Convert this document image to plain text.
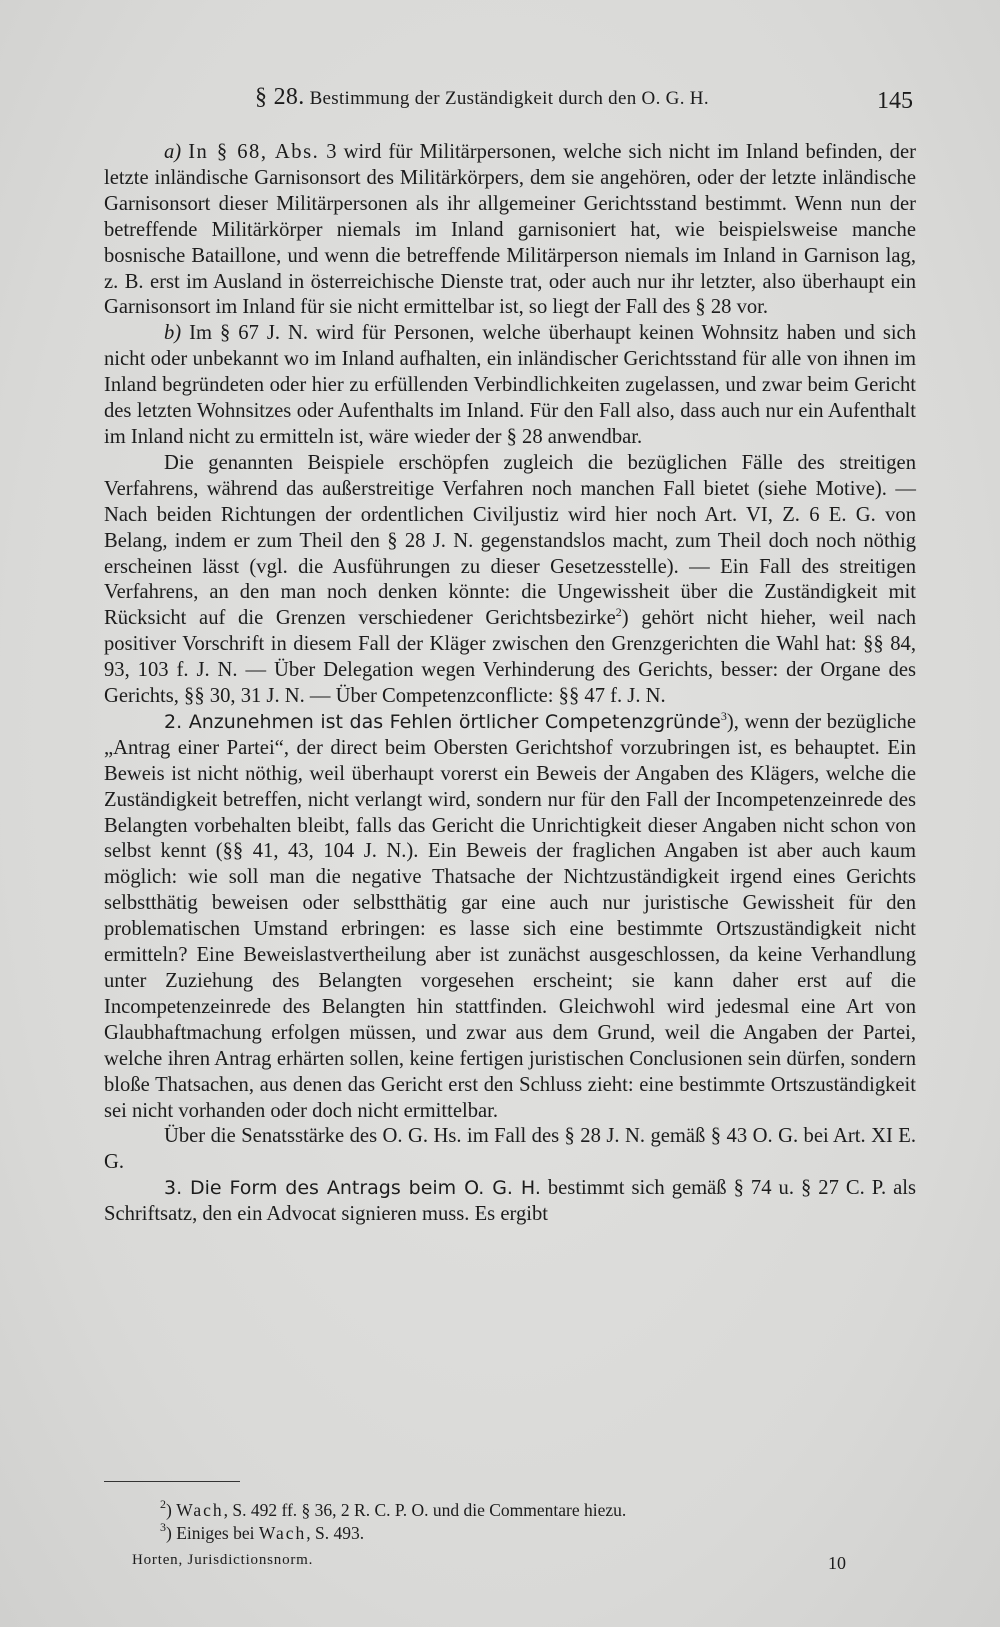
§ 28. Bestimmung der Zuständigkeit durch den O. G. H.	145

a) In § 68, Abs. 3 wird für Militärpersonen, welche sich nicht im Inland befinden, der letzte inländische Garnisonsort des Militärkörpers, dem sie angehören, oder der letzte inländische Garnisonsort dieser Militärpersonen als ihr allgemeiner Gerichtsstand bestimmt. Wenn nun der betreffende Militärkörper niemals im Inland garnisoniert hat, wie beispielsweise manche bosnische Bataillone, und wenn die betreffende Militärperson niemals im Inland in Garnison lag, z. B. erst im Ausland in österreichische Dienste trat, oder auch nur ihr letzter, also überhaupt ein Garnisonsort im Inland für sie nicht ermittelbar ist, so liegt der Fall des § 28 vor.

b) Im § 67 J. N. wird für Personen, welche überhaupt keinen Wohnsitz haben und sich nicht oder unbekannt wo im Inland aufhalten, ein inländischer Gerichtsstand für alle von ihnen im Inland begründeten oder hier zu erfüllenden Verbindlichkeiten zugelassen, und zwar beim Gericht des letzten Wohnsitzes oder Aufenthalts im Inland. Für den Fall also, dass auch nur ein Aufenthalt im Inland nicht zu ermitteln ist, wäre wieder der § 28 anwendbar.

Die genannten Beispiele erschöpfen zugleich die bezüglichen Fälle des streitigen Verfahrens, während das außerstreitige Verfahren noch manchen Fall bietet (siehe Motive). — Nach beiden Richtungen der ordentlichen Civiljustiz wird hier noch Art. VI, Z. 6 E. G. von Belang, indem er zum Theil den § 28 J. N. gegenstandslos macht, zum Theil doch noch nöthig erscheinen lässt (vgl. die Ausführungen zu dieser Gesetzesstelle). — Ein Fall des streitigen Verfahrens, an den man noch denken könnte: die Ungewissheit über die Zuständigkeit mit Rücksicht auf die Grenzen verschiedener Gerichtsbezirke$^2$) gehört nicht hieher, weil nach positiver Vorschrift in diesem Fall der Kläger zwischen den Grenzgerichten die Wahl hat: §§ 84, 93, 103 f. J. N. — Über Delegation wegen Verhinderung des Gerichts, besser: der Organe des Gerichts, §§ 30, 31 J. N. — Über Competenzconflicte: §§ 47 f. J. N.

2. Anzunehmen ist das Fehlen örtlicher Competenzgründe$^3$), wenn der bezügliche „Antrag einer Partei“, der direct beim Obersten Gerichtshof vorzubringen ist, es behauptet. Ein Beweis ist nicht nöthig, weil überhaupt vorerst ein Beweis der Angaben des Klägers, welche die Zuständigkeit betreffen, nicht verlangt wird, sondern nur für den Fall der Incompetenzeinrede des Belangten vorbehalten bleibt, falls das Gericht die Unrichtigkeit dieser Angaben nicht schon von selbst kennt (§§ 41, 43, 104 J. N.). Ein Beweis der fraglichen Angaben ist aber auch kaum möglich: wie soll man die negative Thatsache der Nichtzuständigkeit irgend eines Gerichts selbstthätig beweisen oder selbstthätig gar eine auch nur juristische Gewissheit für den problematischen Umstand erbringen: es lasse sich eine bestimmte Ortszuständigkeit nicht ermitteln? Eine Beweislastvertheilung aber ist zunächst ausgeschlossen, da keine Verhandlung unter Zuziehung des Belangten vorgesehen erscheint; sie kann daher erst auf die Incompetenzeinrede des Belangten hin stattfinden. Gleichwohl wird jedesmal eine Art von Glaubhaftmachung erfolgen müssen, und zwar aus dem Grund, weil die Angaben der Partei, welche ihren Antrag erhärten sollen, keine fertigen juristischen Conclusionen sein dürfen, sondern bloße Thatsachen, aus denen das Gericht erst den Schluss zieht: eine bestimmte Ortszuständigkeit sei nicht vorhanden oder doch nicht ermittelbar.

Über die Senatsstärke des O. G. Hs. im Fall des § 28 J. N. gemäß § 43 O. G. bei Art. XI E. G.

3. Die Form des Antrags beim O. G. H. bestimmt sich gemäß § 74 u. § 27 C. P. als Schriftsatz, den ein Advocat signieren muss. Es ergibt

$^2$) Wach, S. 492 ff. § 36, 2 R. C. P. O. und die Commentare hiezu.
$^3$) Einiges bei Wach, S. 493.
Horten, Jurisdictionsnorm.	10
